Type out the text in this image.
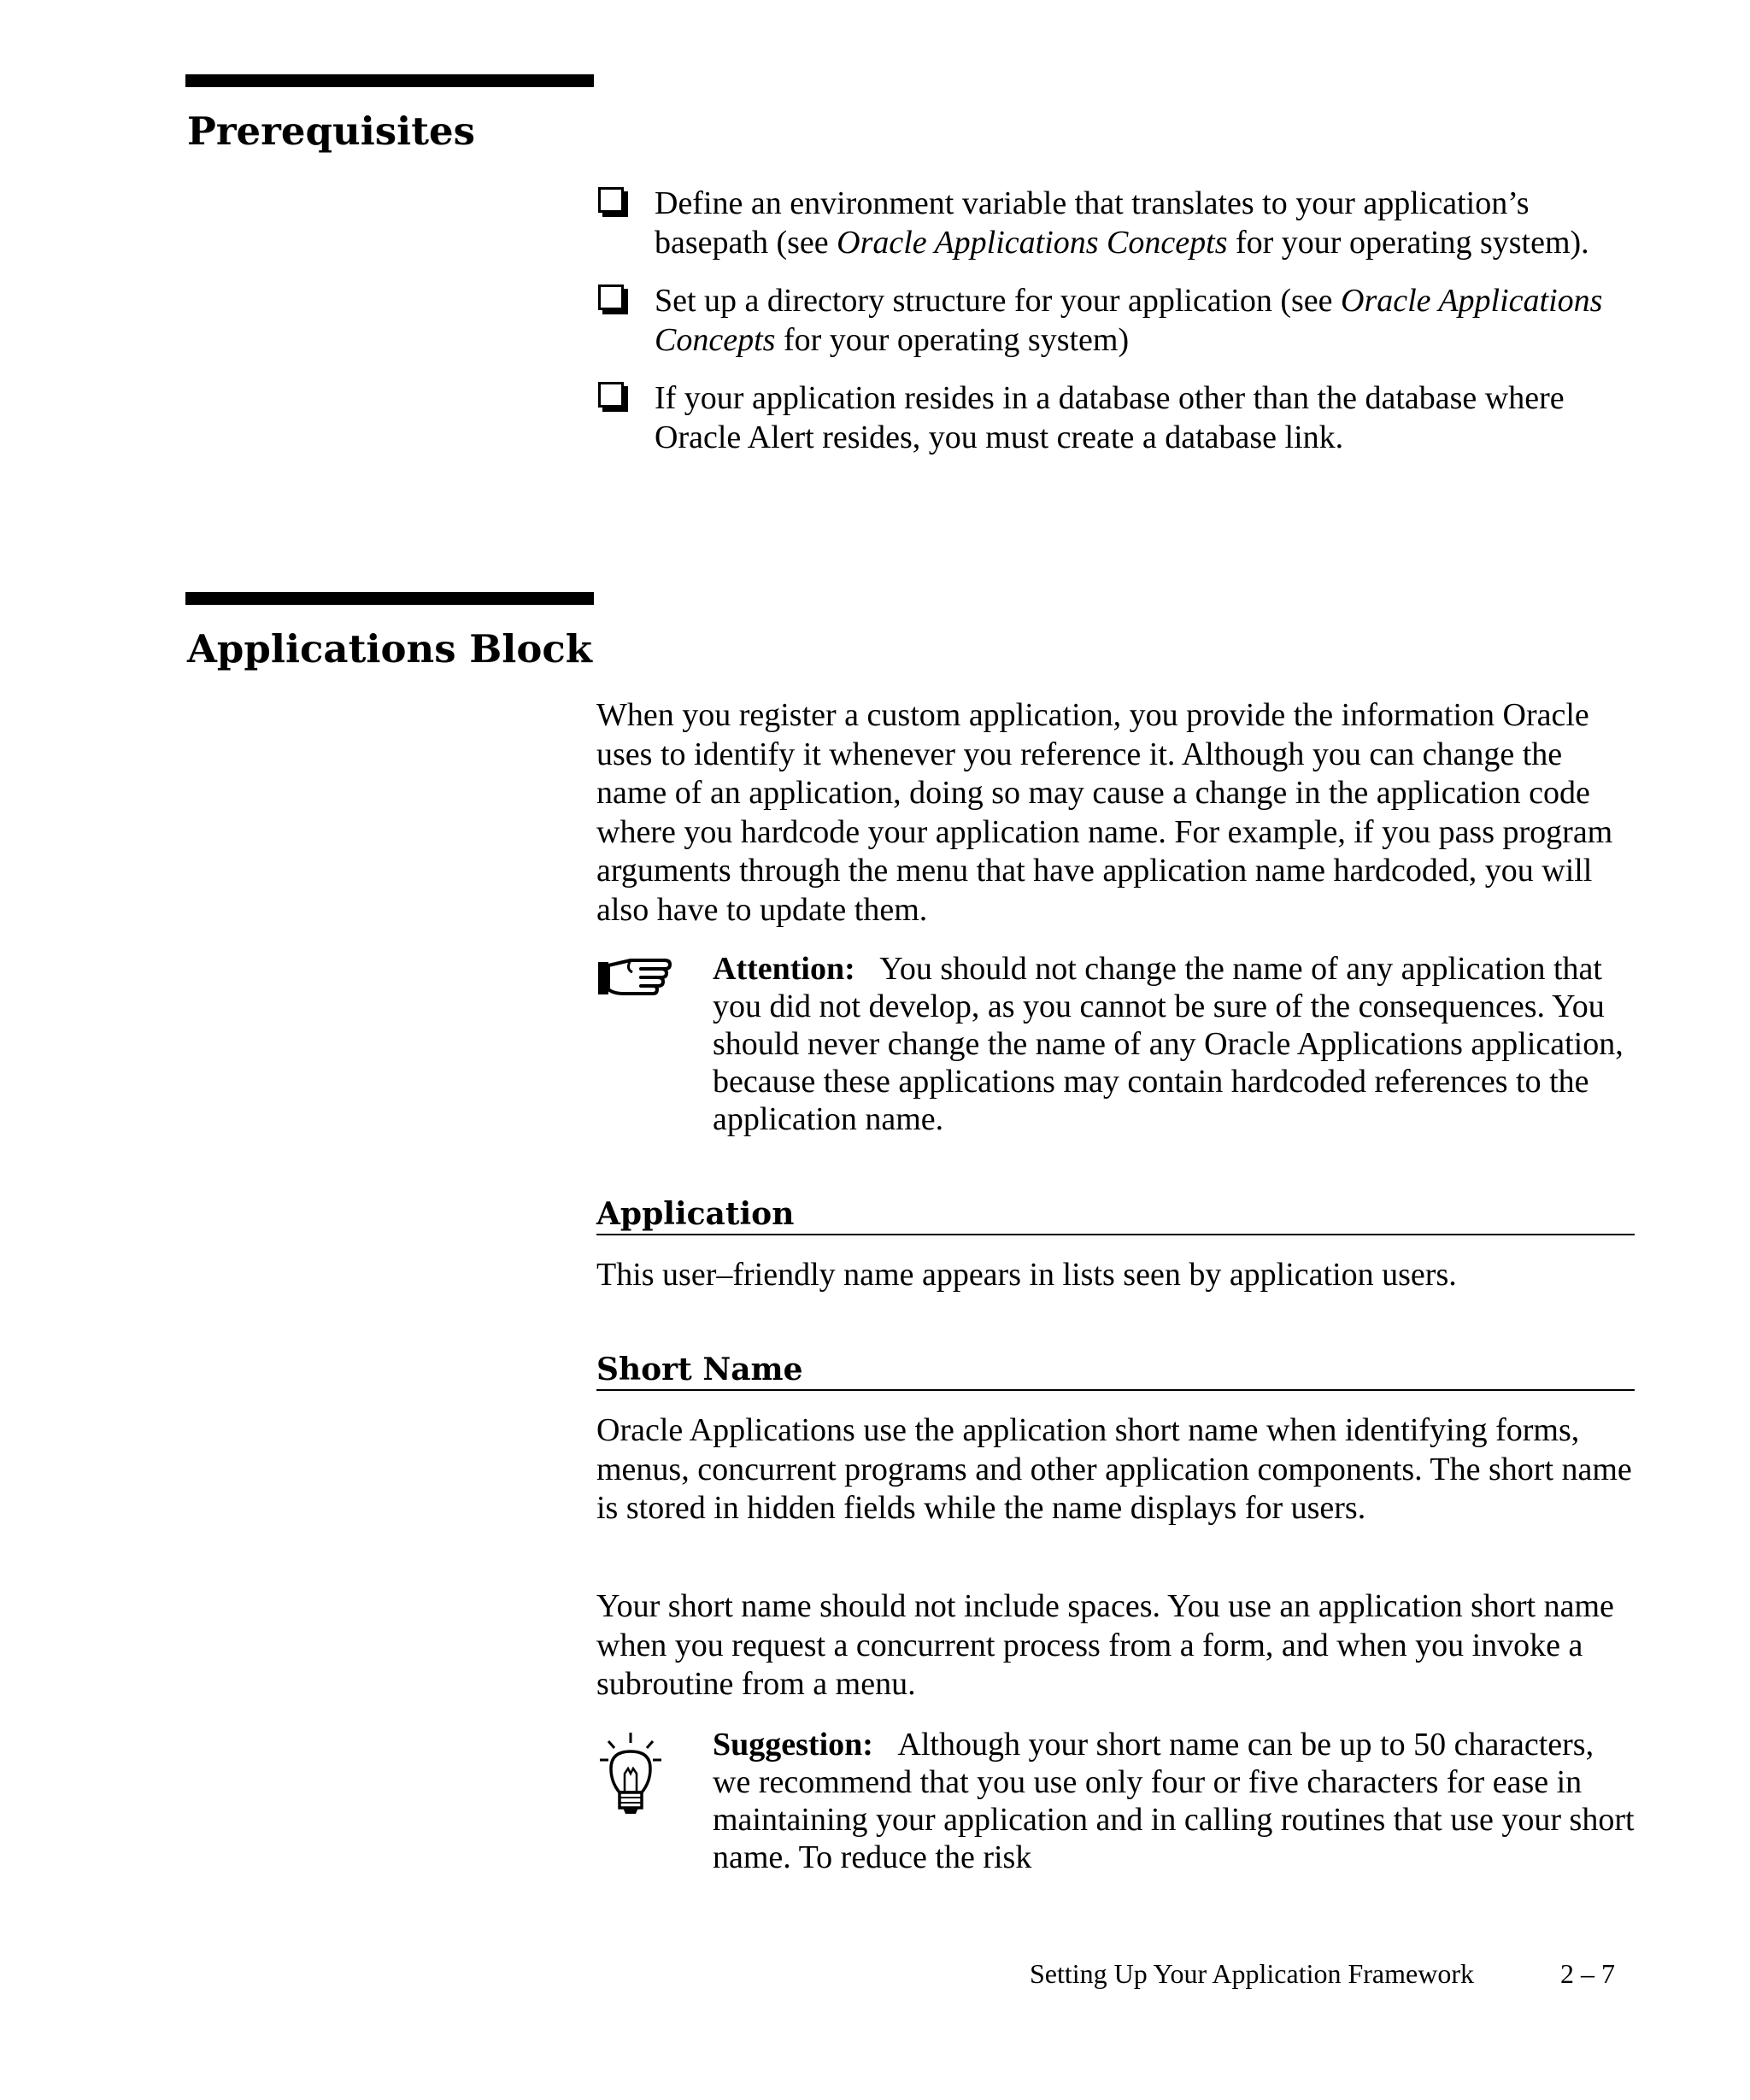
Prerequisites
Define an environment variable that translates to your application’s basepath (see Oracle Applications Concepts for your operating system).
Set up a directory structure for your application (see Oracle Applications Concepts for your operating system)
If your application resides in a database other than the database where Oracle Alert resides, you must create a database link.
Applications Block

When you register a custom application, you provide the information Oracle uses to identify it whenever you reference it. Although you can change the name of an application, doing so may cause a change in the application code where you hardcode your application name. For example, if you pass program arguments through the menu that have application name hardcoded, you will also have to update them.

Attention: You should not change the name of any application that you did not develop, as you cannot be sure of the consequences. You should never change the name of any Oracle Applications application, because these applications may contain hardcoded references to the application name.

Application

This user–friendly name appears in lists seen by application users.

Short Name

Oracle Applications use the application short name when identifying forms, menus, concurrent programs and other application components. The short name is stored in hidden fields while the name displays for users.

Your short name should not include spaces. You use an application short name when you request a concurrent process from a form, and when you invoke a subroutine from a menu.

Suggestion: Although your short name can be up to 50 characters, we recommend that you use only four or five characters for ease in maintaining your application and in calling routines that use your short name. To reduce the risk

Setting Up Your Application Framework	2 – 7
